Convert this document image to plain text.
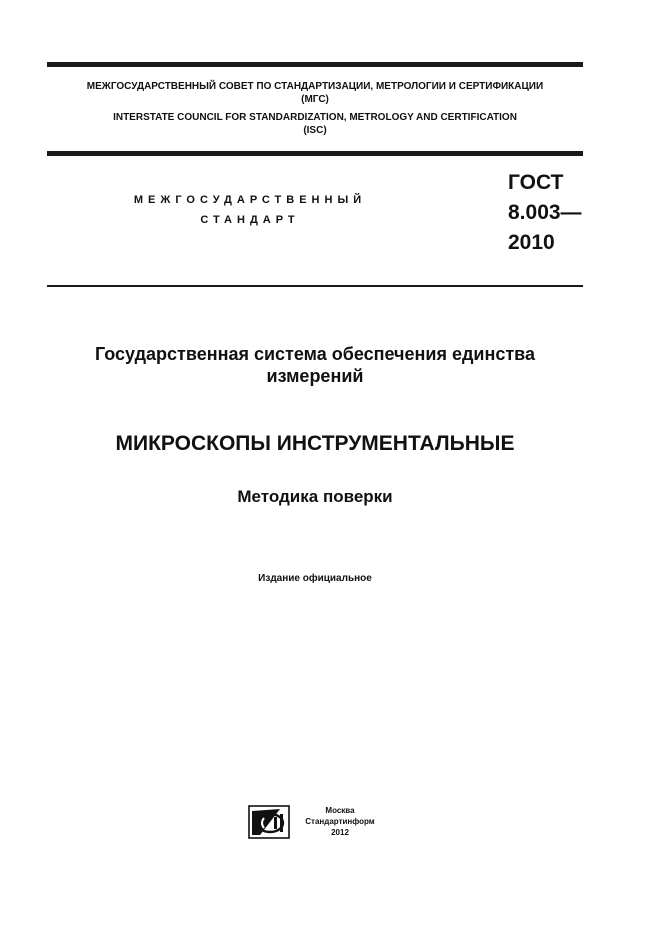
МЕЖГОСУДАРСТВЕННЫЙ СОВЕТ ПО СТАНДАРТИЗАЦИИ, МЕТРОЛОГИИ И СЕРТИФИКАЦИИ
(МГС)
INTERSTATE COUNCIL FOR STANDARDIZATION, METROLOGY AND CERTIFICATION
(ISC)
МЕЖГОСУДАРСТВЕННЫЙ
СТАНДАРТ
ГОСТ
8.003—
2010
Государственная система обеспечения единства
измерений
МИКРОСКОПЫ ИНСТРУМЕНТАЛЬНЫЕ
Методика поверки
Издание официальное
Москва
Стандартинформ
2012
